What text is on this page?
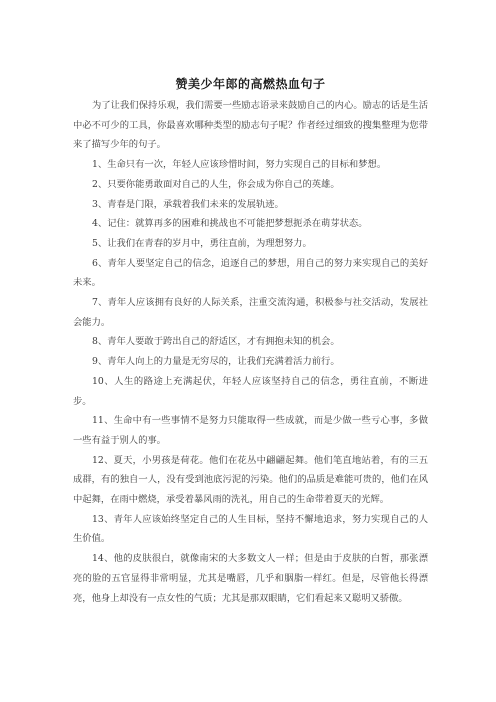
赞美少年郎的高燃热血句子

为了让我们保持乐观，我们需要一些励志语录来鼓励自己的内心。励志的话是生活中必不可少的工具，你最喜欢哪种类型的励志句子呢？作者经过细致的搜集整理为您带来了描写少年的句子。

1、生命只有一次，年轻人应该珍惜时间，努力实现自己的目标和梦想。

2、只要你能勇敢面对自己的人生，你会成为你自己的英雄。

3、青春是门限，承载着我们未来的发展轨迹。

4、记住：就算再多的困难和挑战也不可能把梦想扼杀在萌芽状态。

5、让我们在青春的岁月中，勇往直前，为理想努力。

6、青年人要坚定自己的信念，追逐自己的梦想，用自己的努力来实现自己的美好未来。

7、青年人应该拥有良好的人际关系，注重交流沟通，积极参与社交活动，发展社会能力。

8、青年人要敢于跨出自己的舒适区，才有拥抱未知的机会。

9、青年人向上的力量是无穷尽的，让我们充满着活力前行。

10、人生的路途上充满起伏，年轻人应该坚持自己的信念，勇往直前，不断进步。

11、生命中有一些事情不是努力只能取得一些成就，而是少做一些亏心事，多做一些有益于别人的事。

12、夏天，小男孩是荷花。他们在花丛中翩翩起舞。他们笔直地站着，有的三五成群，有的独自一人，没有受到池底污泥的污染。他们的品质是难能可贵的，他们在风中起舞，在雨中燃烧，承受着暴风雨的洗礼，用自己的生命带着夏天的光辉。

13、青年人应该始终坚定自己的人生目标，坚持不懈地追求，努力实现自己的人生价值。

14、他的皮肤很白，就像南宋的大多数文人一样；但是由于皮肤的白皙，那张漂亮的脸的五官显得非常明显，尤其是嘴唇，几乎和胭脂一样红。但是，尽管他长得漂亮，他身上却没有一点女性的气质；尤其是那双眼睛，它们看起来又聪明又骄傲。
